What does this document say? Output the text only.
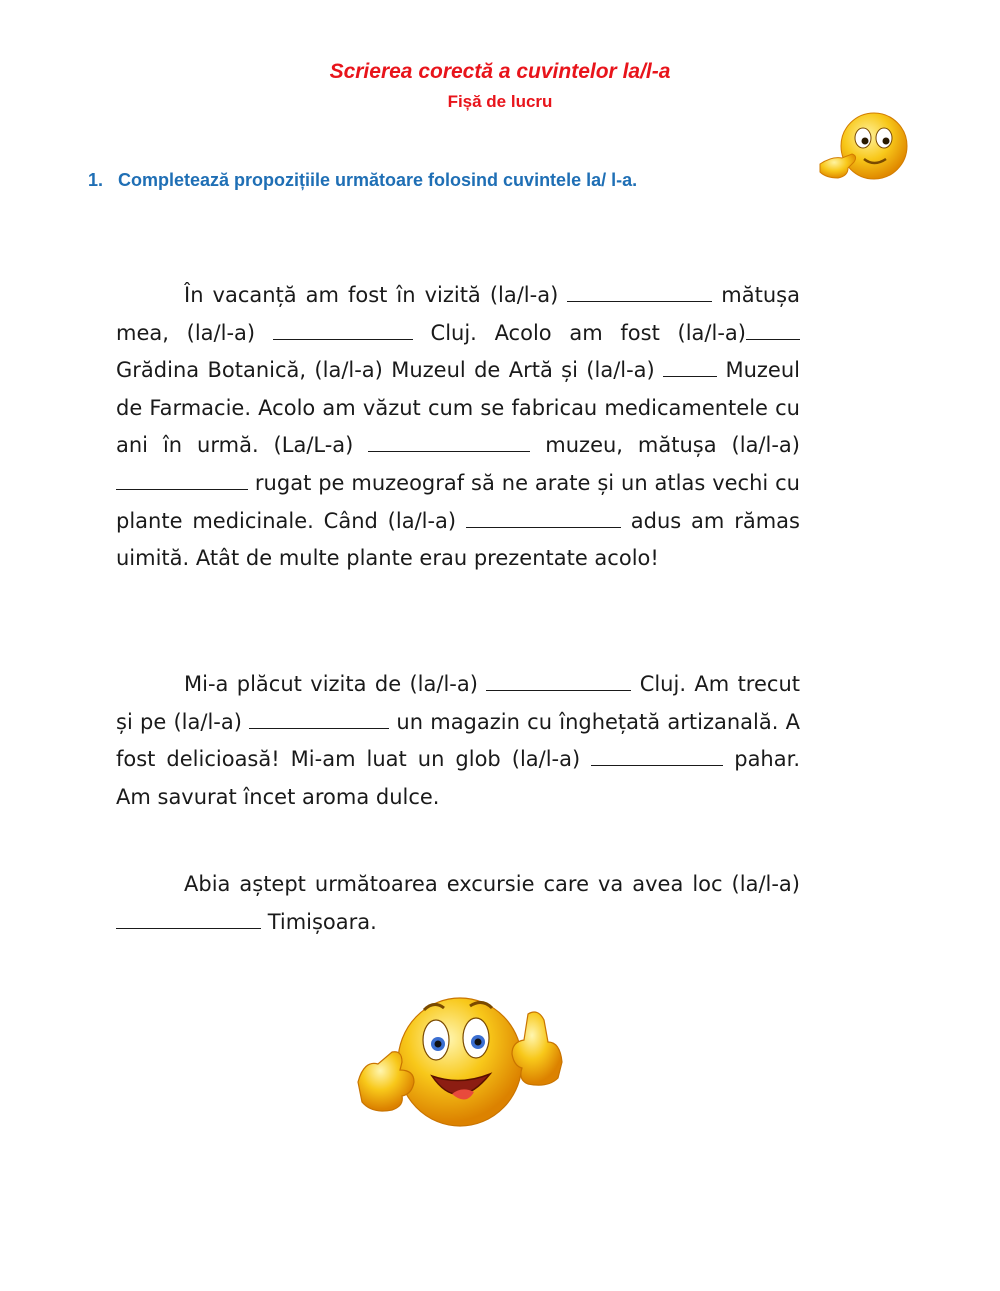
Scrierea corectă a cuvintelor la/l-a
Fișă de lucru
1. Completează propozițiile următoare folosind cuvintele la/ l-a.
În vacanță am fost în vizită (la/l-a)	mătușa mea, (la/l-a)	Cluj. Acolo am fost (la/l-a) Grădina Botanică, (la/l-a) Muzeul de Artă și (la/l-a)	Muzeul de Farmacie. Acolo am văzut cum se fabricau medicamentele cu ani în urmă. (La/L-a)	muzeu, mătușa (la/l-a)  rugat pe muzeograf să ne arate și un atlas vechi cu plante medicinale. Când (la/l-a)	adus am rămas uimită. Atât de multe plante erau prezentate acolo!
Mi-a plăcut vizita de (la/l-a)	Cluj. Am trecut și pe (la/l-a)	un magazin cu înghețată artizanală. A fost delicioasă! Mi-am luat un glob (la/l-a)	pahar. Am savurat încet aroma dulce.
Abia aștept următoarea excursie care va avea loc (la/l-a)  Timișoara.
